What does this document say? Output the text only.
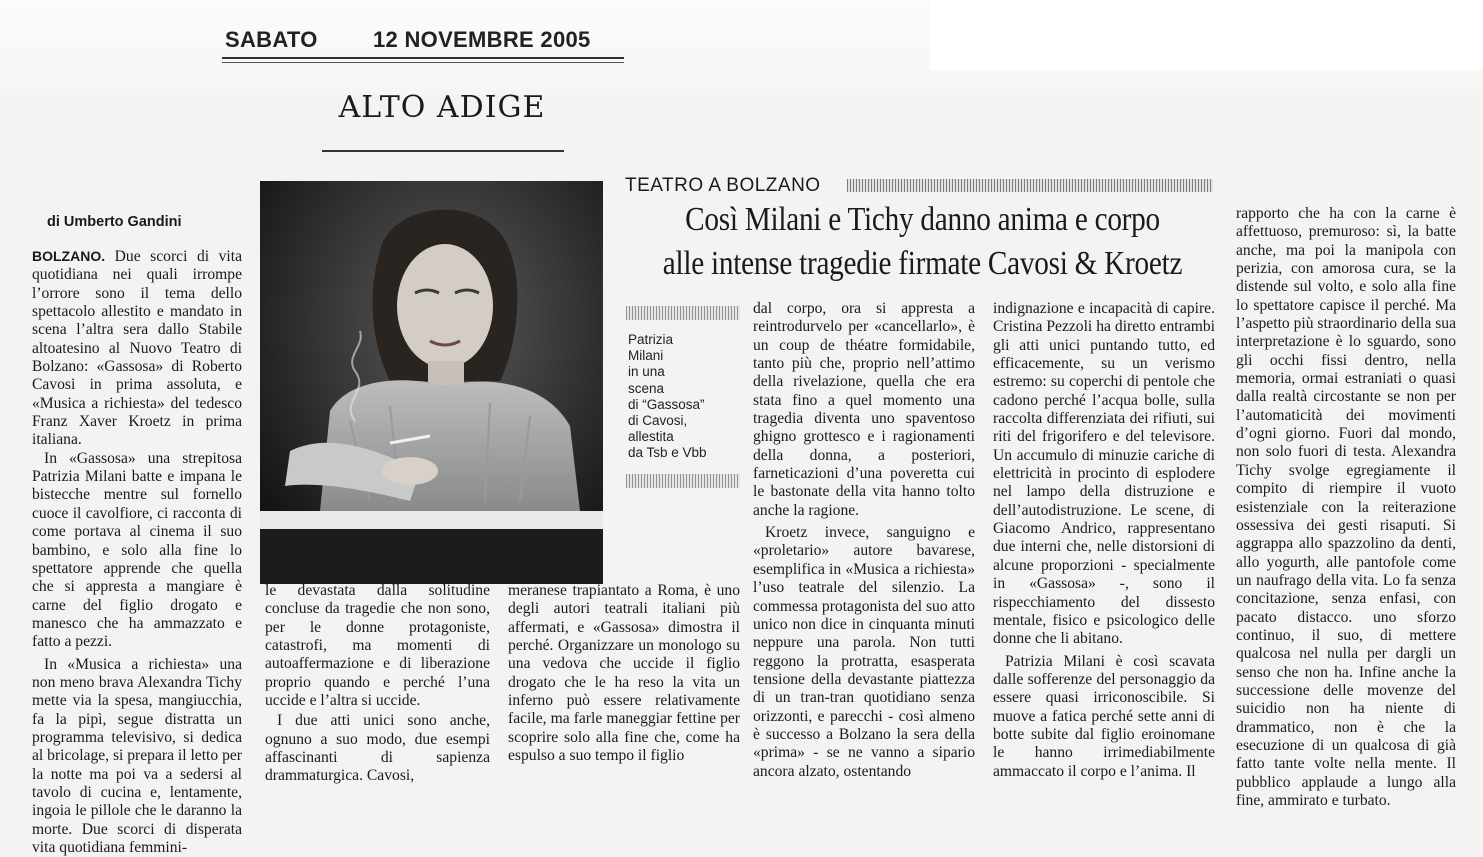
SABATO	12 NOVEMBRE 2005
ALTO ADIGE
TEATRO A BOLZANO
Così Milani e Tichy danno anima e corpo
alle intense tragedie firmate Cavosi & Kroetz
di Umberto Gandini

BOLZANO. Due scorci di vita quotidiana nei quali irrompe l’orrore sono il tema dello spettacolo allestito e mandato in scena l’altra sera dallo Stabile altoatesino al Nuovo Teatro di Bolzano: «Gassosa» di Roberto Cavosi in prima assoluta, e «Musica a richiesta» del tedesco Franz Xaver Kroetz in prima italiana.

In «Gassosa» una strepitosa Patrizia Milani batte e impana le bistecche mentre sul fornello cuoce il cavolfiore, ci racconta di come portava al cinema il suo bambino, e solo alla fine lo spettatore apprende che quella che si appresta a mangiare è carne del figlio drogato e manesco che ha ammazzato e fatto a pezzi.

In «Musica a richiesta» una non meno brava Alexandra Tichy mette via la spesa, mangiucchia, fa la pipì, segue distratta un programma televisivo, si dedica al bricolage, si prepara il letto per la notte ma poi va a sedersi al tavolo di cucina e, lentamente, ingoia le pillole che le daranno la morte. Due scorci di disperata vita quotidiana femmini-

Patrizia
Milani
in una
scena
di “Gassosa”
di Cavosi,
allestita
da Tsb e Vbb

le devastata dalla solitudine concluse da tragedie che non sono, per le donne protagoniste, catastrofi, ma momenti di autoaffermazione e di liberazione proprio quando e perché l’una uccide e l’altra si uccide.

I due atti unici sono anche, ognuno a suo modo, due esempi affascinanti di sapienza drammaturgica. Cavosi,

meranese trapiantato a Roma, è uno degli autori teatrali italiani più affermati, e «Gassosa» dimostra il perché. Organizzare un monologo su una vedova che uccide il figlio drogato che le ha reso la vita un inferno può essere relativamente facile, ma farle maneggiar fettine per scoprire solo alla fine che, come ha espulso a suo tempo il figlio

dal corpo, ora si appresta a reintrodurvelo per «cancellarlo», è un coup de théatre formidabile, tanto più che, proprio nell’attimo della rivelazione, quella che era stata fino a quel momento una tragedia diventa uno spaventoso ghigno grottesco e i ragionamenti della donna, a posteriori, farneticazioni d’una poveretta cui le bastonate della vita hanno tolto anche la ragione.

Kroetz invece, sanguigno e «proletario» autore bavarese, esemplifica in «Musica a richiesta» l’uso teatrale del silenzio. La commessa protagonista del suo atto unico non dice in cinquanta minuti neppure una parola. Non tutti reggono la protratta, esasperata tensione della devastante piattezza di un tran-tran quotidiano senza orizzonti, e parecchi - così almeno è successo a Bolzano la sera della «prima» - se ne vanno a sipario ancora alzato, ostentando

indignazione e incapacità di capire. Cristina Pezzoli ha diretto entrambi gli atti unici puntando tutto, ed efficacemente, su un verismo estremo: su coperchi di pentole che cadono perché l’acqua bolle, sulla raccolta differenziata dei rifiuti, sui riti del frigorifero e del televisore. Un accumulo di minuzie cariche di elettricità in procinto di esplodere nel lampo della distruzione e dell’autodistruzione. Le scene, di Giacomo Andrico, rappresentano due interni che, nelle distorsioni di alcune proporzioni - specialmente in «Gassosa» -, sono il rispecchiamento del dissesto mentale, fisico e psicologico delle donne che li abitano.

Patrizia Milani è così scavata dalle sofferenze del personaggio da essere quasi irriconoscibile. Si muove a fatica perché sette anni di botte subite dal figlio eroinomane le hanno irrimediabilmente ammaccato il corpo e l’anima. Il

rapporto che ha con la carne è affettuoso, premuroso: sì, la batte anche, ma poi la manipola con perizia, con amorosa cura, se la distende sul volto, e solo alla fine lo spettatore capisce il perché. Ma l’aspetto più straordinario della sua interpretazione è lo sguardo, sono gli occhi fissi dentro, nella memoria, ormai estraniati o quasi dalla realtà circostante se non per l’automaticità dei movimenti d’ogni giorno. Fuori dal mondo, non solo fuori di testa. Alexandra Tichy svolge egregiamente il compito di riempire il vuoto esistenziale con la reiterazione ossessiva dei gesti risaputi. Si aggrappa allo spazzolino da denti, allo yogurth, alle pantofole come un naufrago della vita. Lo fa senza concitazione, senza enfasi, con pacato distacco. uno sforzo continuo, il suo, di mettere qualcosa nel nulla per dargli un senso che non ha. Infine anche la successione delle movenze del suicidio non ha niente di drammatico, non è che la esecuzione di un qualcosa di già fatto tante volte nella mente. Il pubblico applaude a lungo alla fine, ammirato e turbato.
